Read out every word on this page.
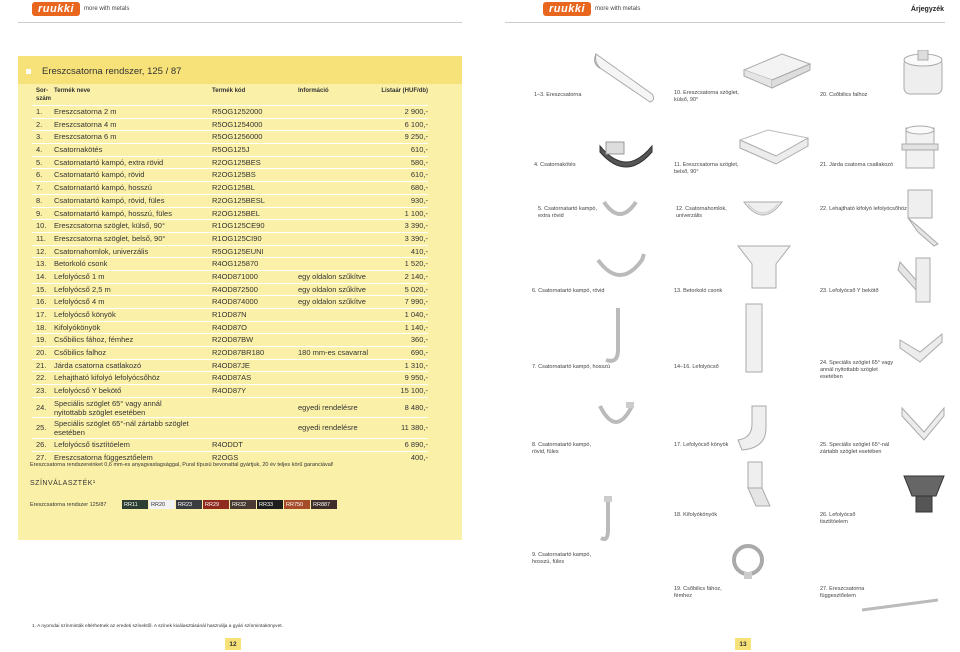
ruukki	more with metals	ruukki	more with metals	Árjegyzék
Ereszcsatorna rendszer, 125 / 87
Sor-
szám
Termék neve	Termék kód	Információ	Listaár (HUF/db)
1. Ereszcsatorna 2 m	R5OG1252000	2 900,-
2. Ereszcsatorna 4 m	R5OG1254000	6 100,-
3. Ereszcsatorna 6 m	R5OG1256000	9 250,-
4. Csatornakötés	R5OG125J	610,-
5. Csatornatartó kampó, extra rövid	R2OG125BES	580,-
6. Csatornatartó kampó, rövid	R2OG125BS	610,-
7. Csatornatartó kampó, hosszú	R2OG125BL	680,-
8. Csatornatartó kampó, rövid, füles	R2OG125BESL	930,-
9. Csatornatartó kampó, hosszú, füles	R2OG125BEL	1 100,-
10. Ereszcsatorna szöglet, külső, 90°	R1OG125CE90	3 390,-
11. Ereszcsatorna szöglet, belső, 90°	R1OG125CI90	3 390,-
12. Csatornahomlok, univerzális	R5OG125EUNI	410,-
13. Betorkoló csonk	R4OG125870	1 520,-
14. Lefolyócső 1 m	R4OD871000	egy oldalon szűkítve	2 140,-
15. Lefolyócső 2,5 m	R4OD872500	egy oldalon szűkítve	5 020,-
16. Lefolyócső 4 m	R4OD874000	egy oldalon szűkítve	7 990,-
17. Lefolyócső könyök	R1OD87N	1 040,-
18. Kifolyókönyök	R4OD87O	1 140,-
19. Csőbilics fához, fémhez	R2OD87BW	360,-
20. Csőbilics falhoz	R2OD87BR180	180 mm-es csavarral	690,-
21. Járda csatorna csatlakozó	R4OD87JE	1 310,-
22. Lehajtható kifolyó lefolyócsőhöz	R4OD87AS	9 950,-
23. Lefolyócső Y bekötő	R4OD87Y	15 100,-
24. Speciális szöglet 65° vagy annál nyitottabb szöglet esetében
egyedi rendelésre	8 480,-
25. Speciális szöglet 65°-nál zártabb szöglet esetében
egyedi rendelésre	11 380,-
26. Lefolyócső tisztítóelem	R4ODDT	6 890,-
27. Ereszcsatorna függesztőelem	R2OGS	400,-
Ereszcsatorna rendszereinket 0,6 mm-es anyagvastagsággal, Pural típusú bevonattal gyártjuk, 20 év teljes körű garanciával!
SZÍNVÁLASZTÉK¹
Ereszcsatorna rendszer 125/87	RR11	RR20	RR23	RR29	RR32	RR33	RR750	RR887
1. A nyomdai színminták eltérhetnek az eredeti színektől. A színek kiválasztásánál használja a gyári színmintakönyvet.
12	13
1–3. Ereszcsatorna	10. Ereszcsatorna szöglet,
külső, 90°
20. Csőbilics falhoz
4. Csatornakötés	11. Ereszcsatorna szöglet,
belső, 90°
21. Járda csatorna csatlakozó
5. Csatornatartó kampó,
extra rövid
12. Csatornahomlok,
univerzális
22. Lehajtható kifolyó lefolyócsőhöz
6. Csatornatartó kampó, rövid	13. Betorkoló csonk	23. Lefolyócső Y bekötő
7. Csatornatartó kampó, hosszú	14–16. Lefolyócső
24. Speciális szöglet 65° vagy
annál nyitottabb szöglet
esetében
8. Csatornatartó kampó,
rövid, füles
17. Lefolyócső könyök	25. Speciális szöglet 65°-nál
zártabb szöglet esetében
18. Kifolyókönyök	26. Lefolyócső
tisztítóelem
9. Csatornatartó kampó,
hosszú, füles
19. Csőbilics fához,
fémhez
27. Ereszcsatorna
függesztőelem
